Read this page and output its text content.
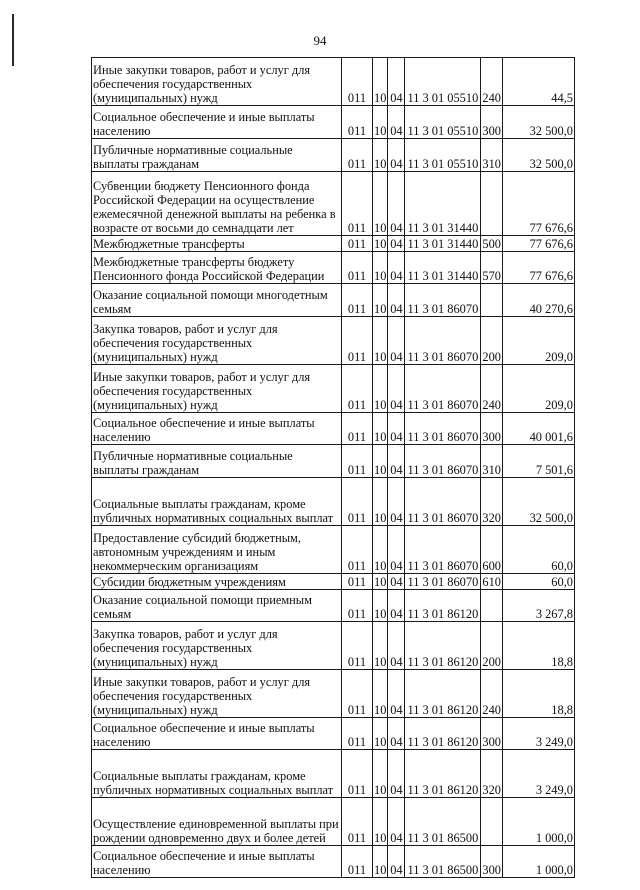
94
Иные закупки товаров, работ и услуг для обеспечения государственных (муниципальных) нужд	011	10	04	11 3 01 05510	240	44,5
Социальное обеспечение и иные выплаты населению	011	10	04	11 3 01 05510	300	32 500,0
Публичные нормативные социальные выплаты гражданам	011	10	04	11 3 01 05510	310	32 500,0
Субвенции бюджету Пенсионного фонда Российской Федерации на осуществление ежемесячной денежной выплаты на ребенка в возрасте от восьми до семнадцати лет	011	10	04	11 3 01 31440		77 676,6
Межбюджетные трансферты	011	10	04	11 3 01 31440	500	77 676,6
Межбюджетные трансферты бюджету Пенсионного фонда Российской Федерации	011	10	04	11 3 01 31440	570	77 676,6
Оказание социальной помощи многодетным семьям	011	10	04	11 3 01 86070		40 270,6
Закупка товаров, работ и услуг для обеспечения государственных (муниципальных) нужд	011	10	04	11 3 01 86070	200	209,0
Иные закупки товаров, работ и услуг для обеспечения государственных (муниципальных) нужд	011	10	04	11 3 01 86070	240	209,0
Социальное обеспечение и иные выплаты населению	011	10	04	11 3 01 86070	300	40 001,6
Публичные нормативные социальные выплаты гражданам	011	10	04	11 3 01 86070	310	7 501,6
Социальные выплаты гражданам, кроме публичных нормативных социальных выплат	011	10	04	11 3 01 86070	320	32 500,0
Предоставление субсидий бюджетным, автономным учреждениям и иным некоммерческим организациям	011	10	04	11 3 01 86070	600	60,0
Субсидии бюджетным учреждениям	011	10	04	11 3 01 86070	610	60,0
Оказание социальной помощи приемным семьям	011	10	04	11 3 01 86120		3 267,8
Закупка товаров, работ и услуг для обеспечения государственных (муниципальных) нужд	011	10	04	11 3 01 86120	200	18,8
Иные закупки товаров, работ и услуг для обеспечения государственных (муниципальных) нужд	011	10	04	11 3 01 86120	240	18,8
Социальное обеспечение и иные выплаты населению	011	10	04	11 3 01 86120	300	3 249,0
Социальные выплаты гражданам, кроме публичных нормативных социальных выплат	011	10	04	11 3 01 86120	320	3 249,0
Осуществление единовременной выплаты при рождении одновременно двух и более детей	011	10	04	11 3 01 86500		1 000,0
Социальное обеспечение и иные выплаты населению	011	10	04	11 3 01 86500	300	1 000,0
